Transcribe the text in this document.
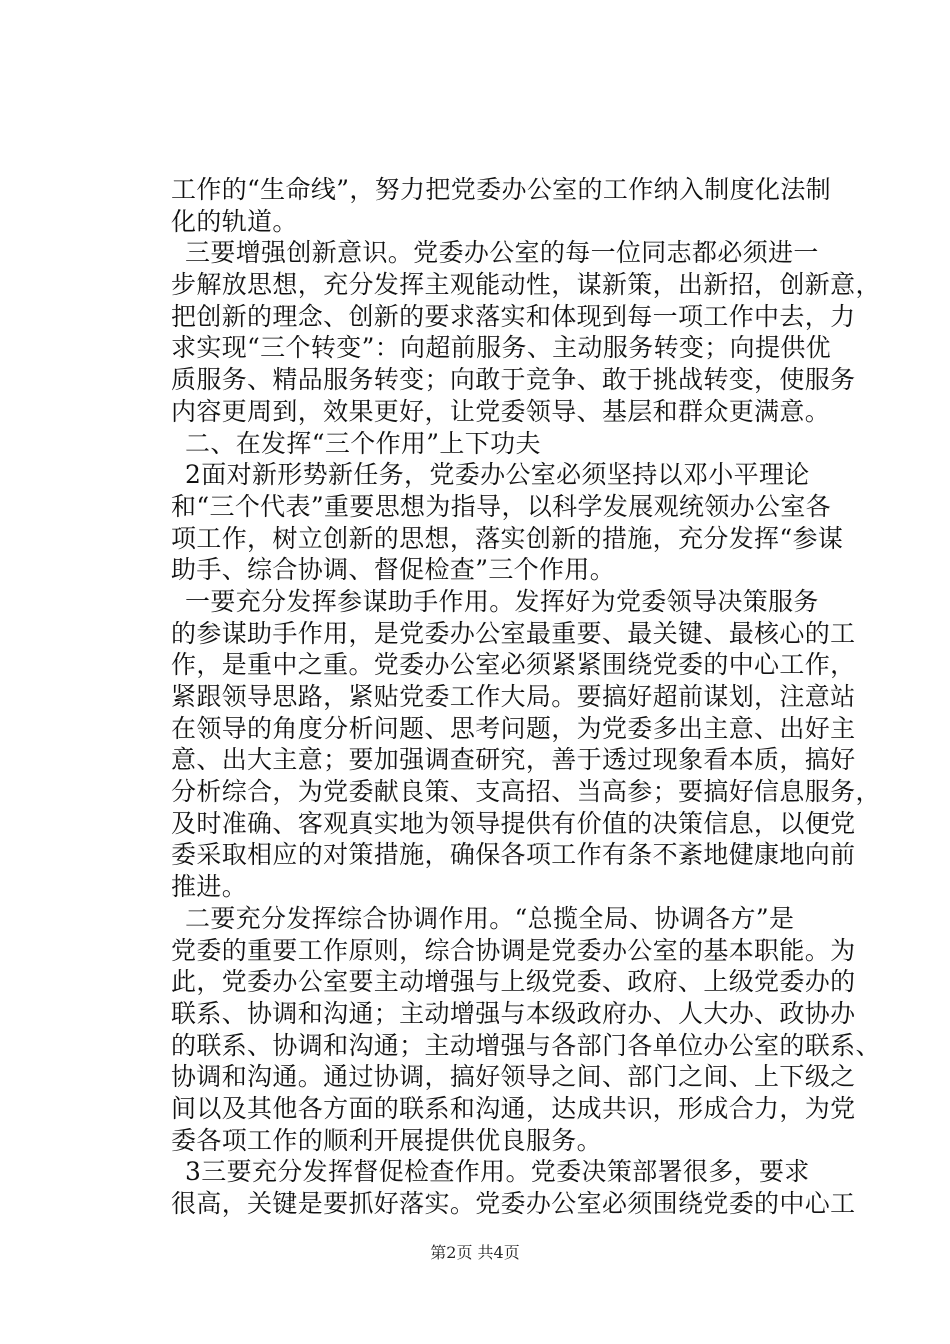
工作的“生命线”，努力把党委办公室的工作纳入制度化法制
化的轨道。
三要增强创新意识。党委办公室的每一位同志都必须进一
步解放思想，充分发挥主观能动性，谋新策，出新招，创新意，
把创新的理念、创新的要求落实和体现到每一项工作中去，力
求实现“三个转变”：向超前服务、主动服务转变；向提供优
质服务、精品服务转变；向敢于竞争、敢于挑战转变，使服务
内容更周到，效果更好，让党委领导、基层和群众更满意。
二、在发挥“三个作用”上下功夫
2面对新形势新任务，党委办公室必须坚持以邓小平理论
和“三个代表”重要思想为指导，以科学发展观统领办公室各
项工作，树立创新的思想，落实创新的措施，充分发挥“参谋
助手、综合协调、督促检查”三个作用。
一要充分发挥参谋助手作用。发挥好为党委领导决策服务
的参谋助手作用，是党委办公室最重要、最关键、最核心的工
作，是重中之重。党委办公室必须紧紧围绕党委的中心工作，
紧跟领导思路，紧贴党委工作大局。要搞好超前谋划，注意站
在领导的角度分析问题、思考问题，为党委多出主意、出好主
意、出大主意；要加强调查研究，善于透过现象看本质，搞好
分析综合，为党委献良策、支高招、当高参；要搞好信息服务，
及时准确、客观真实地为领导提供有价值的决策信息，以便党
委采取相应的对策措施，确保各项工作有条不紊地健康地向前
推进。
二要充分发挥综合协调作用。“总揽全局、协调各方”是
党委的重要工作原则，综合协调是党委办公室的基本职能。为
此，党委办公室要主动增强与上级党委、政府、上级党委办的
联系、协调和沟通；主动增强与本级政府办、人大办、政协办
的联系、协调和沟通；主动增强与各部门各单位办公室的联系、
协调和沟通。通过协调，搞好领导之间、部门之间、上下级之
间以及其他各方面的联系和沟通，达成共识，形成合力，为党
委各项工作的顺利开展提供优良服务。
3三要充分发挥督促检查作用。党委决策部署很多，要求
很高，关键是要抓好落实。党委办公室必须围绕党委的中心工
第2页 共4页
